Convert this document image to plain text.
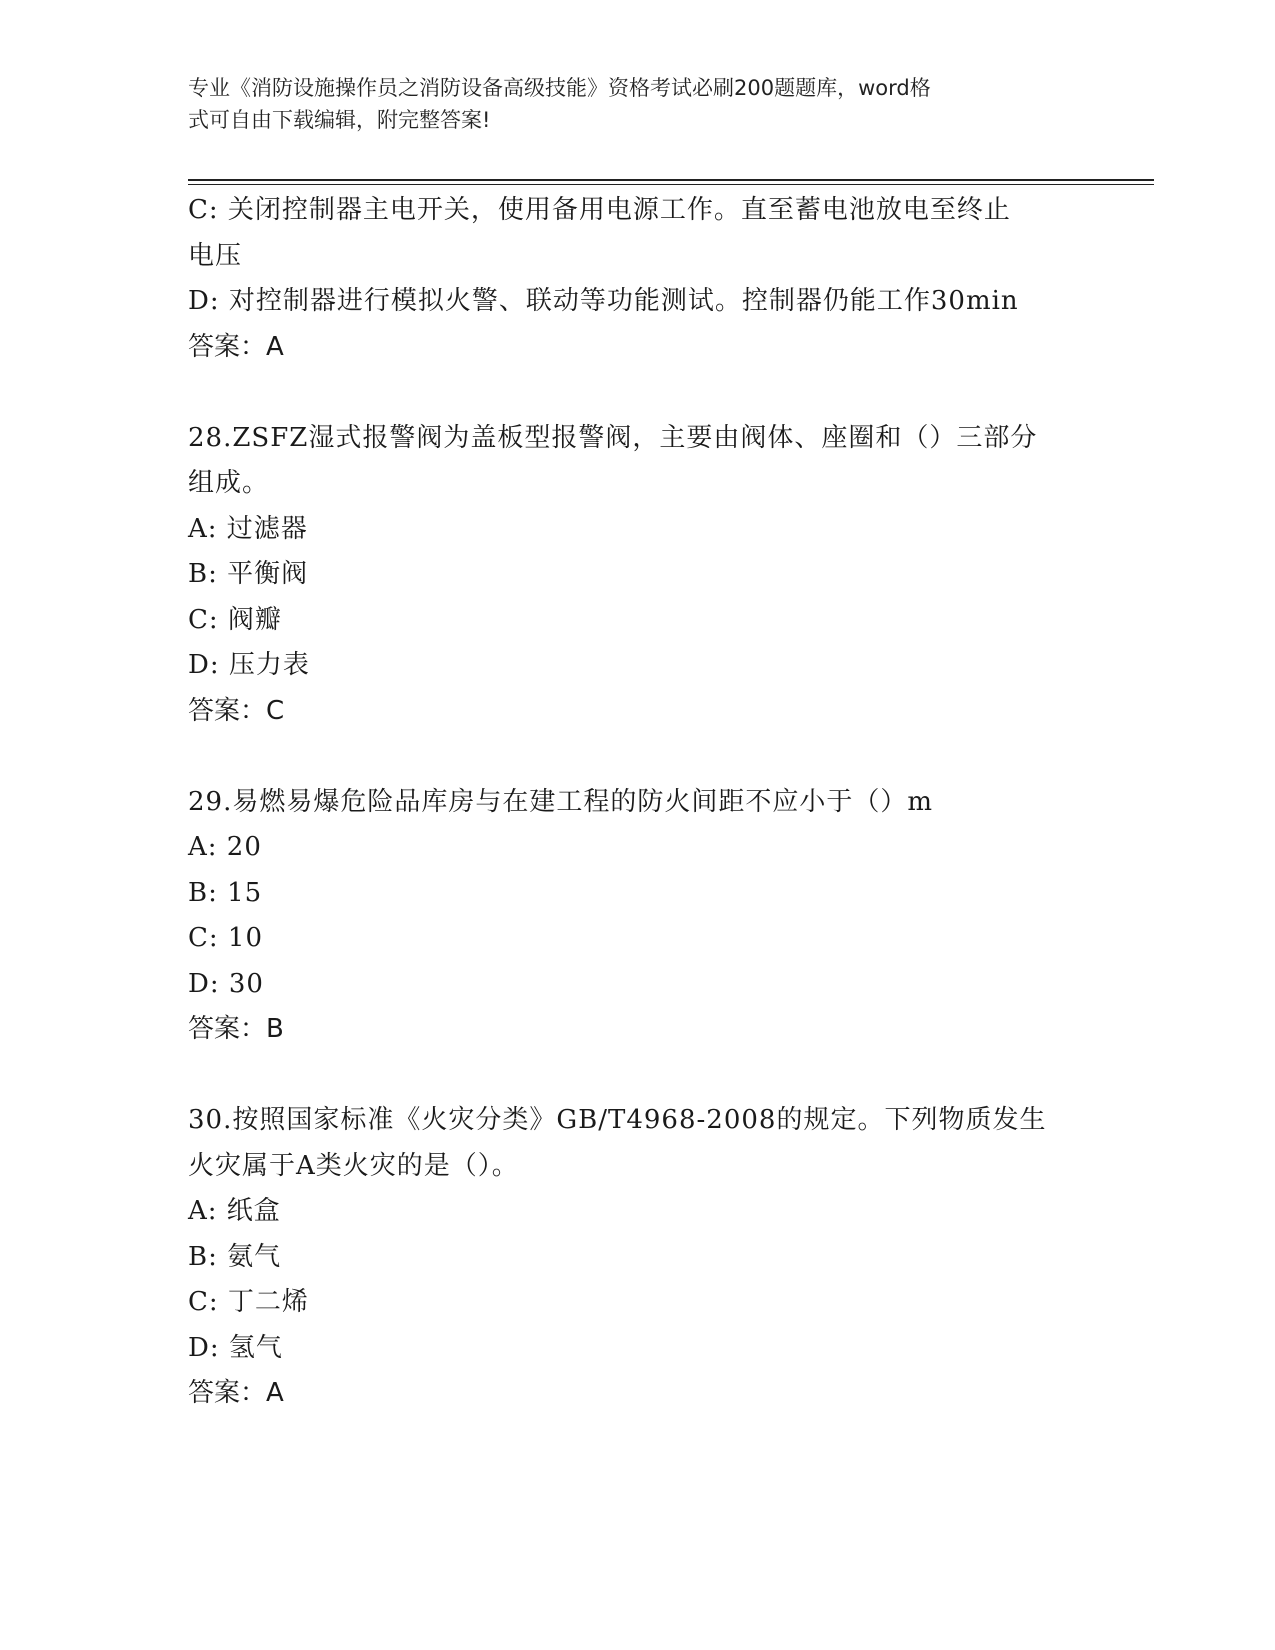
专业《消防设施操作员之消防设备高级技能》资格考试必刷200题题库，word格
式可自由下载编辑，附完整答案!
C: 关闭控制器主电开关，使用备用电源工作。直至蓄电池放电至终止
电压
D: 对控制器进行模拟火警、联动等功能测试。控制器仍能工作30min
答案：A
28.ZSFZ湿式报警阀为盖板型报警阀，主要由阀体、座圈和（）三部分
组成。
A: 过滤器
B: 平衡阀
C: 阀瓣
D: 压力表
答案：C
29.易燃易爆危险品库房与在建工程的防火间距不应小于（）m
A: 20
B: 15
C: 10
D: 30
答案：B
30.按照国家标准《火灾分类》GB/T4968-2008的规定。下列物质发生
火灾属于A类火灾的是（）。
A: 纸盒
B: 氨气
C: 丁二烯
D: 氢气
答案：A
